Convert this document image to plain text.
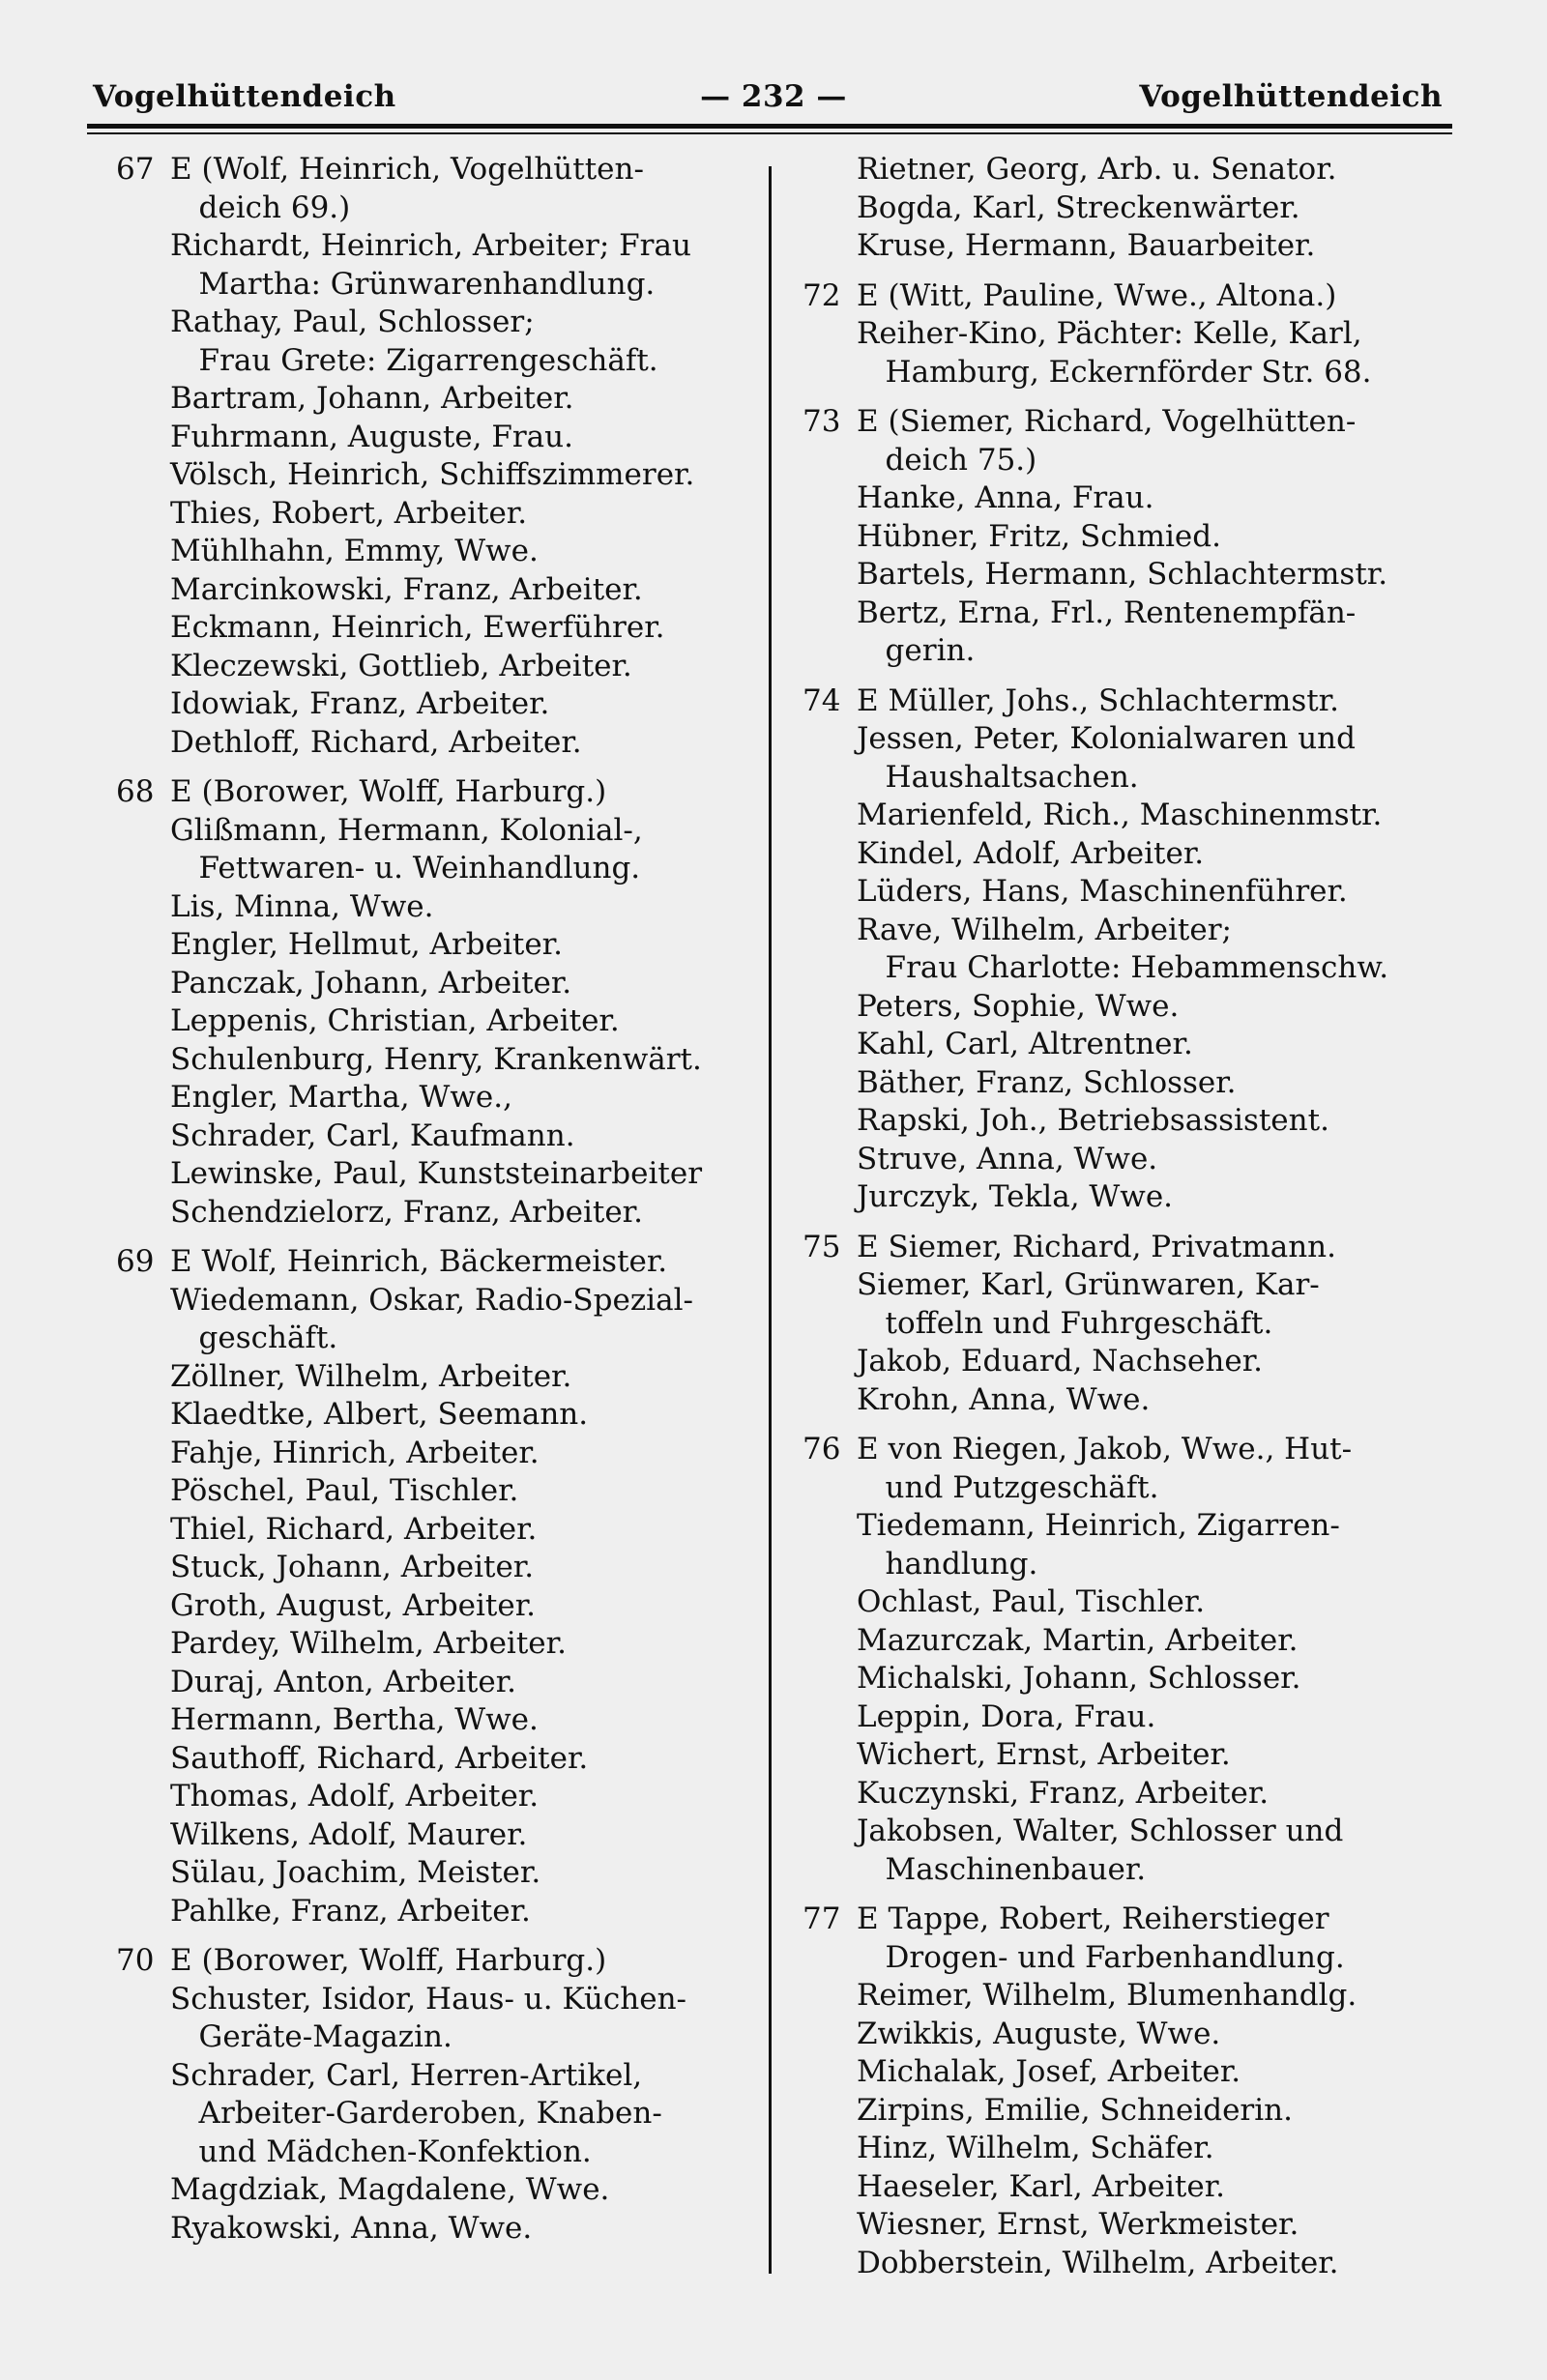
Vogelhüttendeich	— 232 —	Vogelhüttendeich
67 E (Wolf, Heinrich, Vogelhütten-
deich 69.)
Richardt, Heinrich, Arbeiter; Frau
Martha: Grünwarenhandlung.
Rathay, Paul, Schlosser;
Frau Grete: Zigarrengeschäft.
Bartram, Johann, Arbeiter.
Fuhrmann, Auguste, Frau.
Völsch, Heinrich, Schiffszimmerer.
Thies, Robert, Arbeiter.
Mühlhahn, Emmy, Wwe.
Marcinkowski, Franz, Arbeiter.
Eckmann, Heinrich, Ewerführer.
Kleczewski, Gottlieb, Arbeiter.
Idowiak, Franz, Arbeiter.
Dethloff, Richard, Arbeiter.
68 E (Borower, Wolff, Harburg.)
Glißmann, Hermann, Kolonial-,
Fettwaren- u. Weinhandlung.
Lis, Minna, Wwe.
Engler, Hellmut, Arbeiter.
Panczak, Johann, Arbeiter.
Leppenis, Christian, Arbeiter.
Schulenburg, Henry, Krankenwärt.
Engler, Martha, Wwe.,
Schrader, Carl, Kaufmann.
Lewinske, Paul, Kunststeinarbeiter
Schendzielorz, Franz, Arbeiter.
69 E Wolf, Heinrich, Bäckermeister.
Wiedemann, Oskar, Radio-Spezial-
geschäft.
Zöllner, Wilhelm, Arbeiter.
Klaedtke, Albert, Seemann.
Fahje, Hinrich, Arbeiter.
Pöschel, Paul, Tischler.
Thiel, Richard, Arbeiter.
Stuck, Johann, Arbeiter.
Groth, August, Arbeiter.
Pardey, Wilhelm, Arbeiter.
Duraj, Anton, Arbeiter.
Hermann, Bertha, Wwe.
Sauthoff, Richard, Arbeiter.
Thomas, Adolf, Arbeiter.
Wilkens, Adolf, Maurer.
Sülau, Joachim, Meister.
Pahlke, Franz, Arbeiter.
70 E (Borower, Wolff, Harburg.)
Schuster, Isidor, Haus- u. Küchen-
Geräte-Magazin.
Schrader, Carl, Herren-Artikel,
Arbeiter-Garderoben, Knaben-
und Mädchen-Konfektion.
Magdziak, Magdalene, Wwe.
Ryakowski, Anna, Wwe.
Rietner, Georg, Arb. u. Senator.
Bogda, Karl, Streckenwärter.
Kruse, Hermann, Bauarbeiter.
72 E (Witt, Pauline, Wwe., Altona.)
Reiher-Kino, Pächter: Kelle, Karl,
Hamburg, Eckernförder Str. 68.
73 E (Siemer, Richard, Vogelhütten-
deich 75.)
Hanke, Anna, Frau.
Hübner, Fritz, Schmied.
Bartels, Hermann, Schlachtermstr.
Bertz, Erna, Frl., Rentenempfän-
gerin.
74 E Müller, Johs., Schlachtermstr.
Jessen, Peter, Kolonialwaren und
Haushaltsachen.
Marienfeld, Rich., Maschinenmstr.
Kindel, Adolf, Arbeiter.
Lüders, Hans, Maschinenführer.
Rave, Wilhelm, Arbeiter;
Frau Charlotte: Hebammenschw.
Peters, Sophie, Wwe.
Kahl, Carl, Altrentner.
Bäther, Franz, Schlosser.
Rapski, Joh., Betriebsassistent.
Struve, Anna, Wwe.
Jurczyk, Tekla, Wwe.
75 E Siemer, Richard, Privatmann.
Siemer, Karl, Grünwaren, Kar-
toffeln und Fuhrgeschäft.
Jakob, Eduard, Nachseher.
Krohn, Anna, Wwe.
76 E von Riegen, Jakob, Wwe., Hut-
und Putzgeschäft.
Tiedemann, Heinrich, Zigarren-
handlung.
Ochlast, Paul, Tischler.
Mazurczak, Martin, Arbeiter.
Michalski, Johann, Schlosser.
Leppin, Dora, Frau.
Wichert, Ernst, Arbeiter.
Kuczynski, Franz, Arbeiter.
Jakobsen, Walter, Schlosser und
Maschinenbauer.
77 E Tappe, Robert, Reiherstieger
Drogen- und Farbenhandlung.
Reimer, Wilhelm, Blumenhandlg.
Zwikkis, Auguste, Wwe.
Michalak, Josef, Arbeiter.
Zirpins, Emilie, Schneiderin.
Hinz, Wilhelm, Schäfer.
Haeseler, Karl, Arbeiter.
Wiesner, Ernst, Werkmeister.
Dobberstein, Wilhelm, Arbeiter.
